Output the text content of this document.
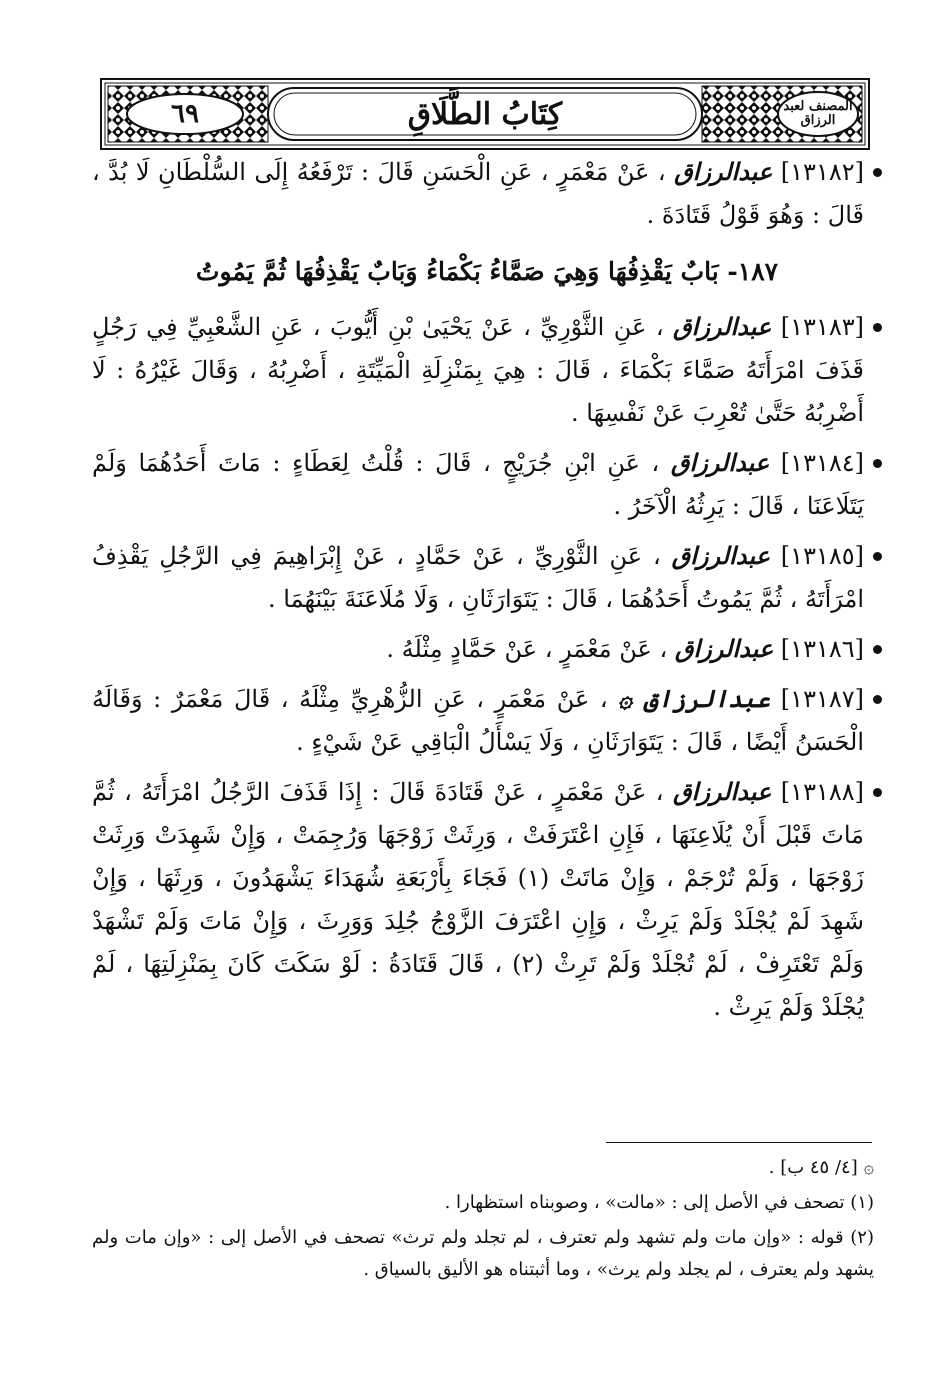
٦٩	كِتَابُ الطَّلَاقِ	المصنف لعبد الرزاق

[١٣١٨٢] عبدالرزاق ، عَنْ مَعْمَرٍ ، عَنِ الْحَسَنِ قَالَ : تَرْفَعُهُ إِلَى السُّلْطَانِ لَا بُدَّ ، قَالَ : وَهُوَ قَوْلُ قَتَادَةَ .

١٨٧- بَابٌ يَقْذِفُهَا وَهِيَ صَمَّاءُ بَكْمَاءُ وَبَابٌ يَقْذِفُهَا ثُمَّ يَمُوتُ

[١٣١٨٣] عبدالرزاق ، عَنِ الثَّوْرِيِّ ، عَنْ يَحْيَىٰ بْنِ أَيُّوبَ ، عَنِ الشَّعْبِيِّ فِي رَجُلٍ قَذَفَ امْرَأَتَهُ صَمَّاءَ بَكْمَاءَ ، قَالَ : هِيَ بِمَنْزِلَةِ الْمَيِّتَةِ ، أَضْرِبُهُ ، وَقَالَ غَيْرُهُ : لَا أَضْرِبُهُ حَتَّىٰ تُعْرِبَ عَنْ نَفْسِهَا .

[١٣١٨٤] عبدالرزاق ، عَنِ ابْنِ جُرَيْجٍ ، قَالَ : قُلْتُ لِعَطَاءٍ : مَاتَ أَحَدُهُمَا وَلَمْ يَتَلَاعَنَا ، قَالَ : يَرِثُهُ الْآخَرُ .

[١٣١٨٥] عبدالرزاق ، عَنِ الثَّوْرِيِّ ، عَنْ حَمَّادٍ ، عَنْ إِبْرَاهِيمَ فِي الرَّجُلِ يَقْذِفُ امْرَأَتَهُ ، ثُمَّ يَمُوتُ أَحَدُهُمَا ، قَالَ : يَتَوَارَثَانِ ، وَلَا مُلَاعَنَةَ بَيْنَهُمَا .

[١٣١٨٦] عبدالرزاق ، عَنْ مَعْمَرٍ ، عَنْ حَمَّادٍ مِثْلَهُ .

[١٣١٨٧] عبدالرزاق ۞ ، عَنْ مَعْمَرٍ ، عَنِ الزُّهْرِيِّ مِثْلَهُ ، قَالَ مَعْمَرٌ : وَقَالَهُ الْحَسَنُ أَيْضًا ، قَالَ : يَتَوَارَثَانِ ، وَلَا يَسْأَلُ الْبَاقِي عَنْ شَيْءٍ .

[١٣١٨٨] عبدالرزاق ، عَنْ مَعْمَرٍ ، عَنْ قَتَادَةَ قَالَ : إِذَا قَذَفَ الرَّجُلُ امْرَأَتَهُ ، ثُمَّ مَاتَ قَبْلَ أَنْ يُلَاعِنَهَا ، فَإِنِ اعْتَرَفَتْ ، وَرِثَتْ زَوْجَهَا وَرُجِمَتْ ، وَإِنْ شَهِدَتْ وَرِثَتْ زَوْجَهَا ، وَلَمْ تُرْجَمْ ، وَإِنْ مَاتَتْ (١) فَجَاءَ بِأَرْبَعَةِ شُهَدَاءَ يَشْهَدُونَ ، وَرِثَهَا ، وَإِنْ شَهِدَ لَمْ يُجْلَدْ وَلَمْ يَرِثْ ، وَإِنِ اعْتَرَفَ الزَّوْجُ جُلِدَ وَوَرِثَ ، وَإِنْ مَاتَ وَلَمْ تَشْهَدْ وَلَمْ تَعْتَرِفْ ، لَمْ تُجْلَدْ وَلَمْ تَرِثْ (٢) ، قَالَ قَتَادَةُ : لَوْ سَكَتَ كَانَ بِمَنْزِلَتِهَا ، لَمْ يُجْلَدْ وَلَمْ يَرِثْ .

۞ [٤/ ٤٥ ب] .

(١) تصحف في الأصل إلى : «مالت» ، وصوبناه استظهارا .

(٢) قوله : «وإن مات ولم تشهد ولم تعترف ، لم تجلد ولم ترث» تصحف في الأصل إلى : «وإن مات ولم يشهد ولم يعترف ، لم يجلد ولم يرث» ، وما أثبتناه هو الأليق بالسياق .
